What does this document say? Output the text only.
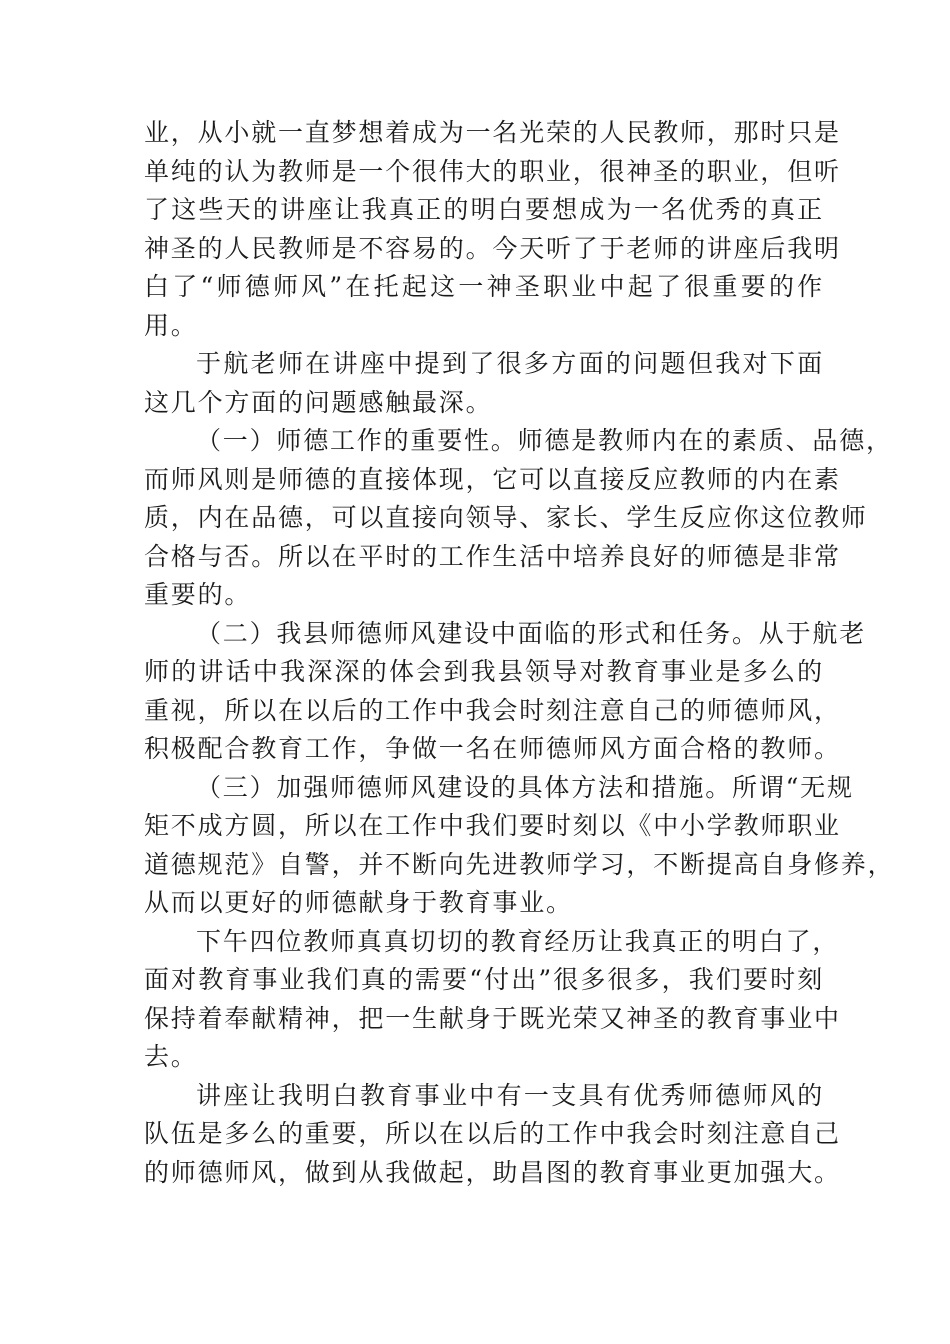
业，从小就一直梦想着成为一名光荣的人民教师，那时只是
单纯的认为教师是一个很伟大的职业，很神圣的职业，但听
了这些天的讲座让我真正的明白要想成为一名优秀的真正
神圣的人民教师是不容易的。今天听了于老师的讲座后我明
白了“师德师风”在托起这一神圣职业中起了很重要的作
用。
于航老师在讲座中提到了很多方面的问题但我对下面
这几个方面的问题感触最深。
（一）师德工作的重要性。师德是教师内在的素质、品德，
而师风则是师德的直接体现，它可以直接反应教师的内在素
质，内在品德，可以直接向领导、家长、学生反应你这位教师
合格与否。所以在平时的工作生活中培养良好的师德是非常
重要的。
（二）我县师德师风建设中面临的形式和任务。从于航老
师的讲话中我深深的体会到我县领导对教育事业是多么的
重视，所以在以后的工作中我会时刻注意自己的师德师风，
积极配合教育工作，争做一名在师德师风方面合格的教师。
（三）加强师德师风建设的具体方法和措施。所谓“无规
矩不成方圆，所以在工作中我们要时刻以《中小学教师职业
道德规范》自警，并不断向先进教师学习，不断提高自身修养，
从而以更好的师德献身于教育事业。
下午四位教师真真切切的教育经历让我真正的明白了，
面对教育事业我们真的需要“付出”很多很多，我们要时刻
保持着奉献精神，把一生献身于既光荣又神圣的教育事业中
去。
讲座让我明白教育事业中有一支具有优秀师德师风的
队伍是多么的重要，所以在以后的工作中我会时刻注意自己
的师德师风，做到从我做起，助昌图的教育事业更加强大。
